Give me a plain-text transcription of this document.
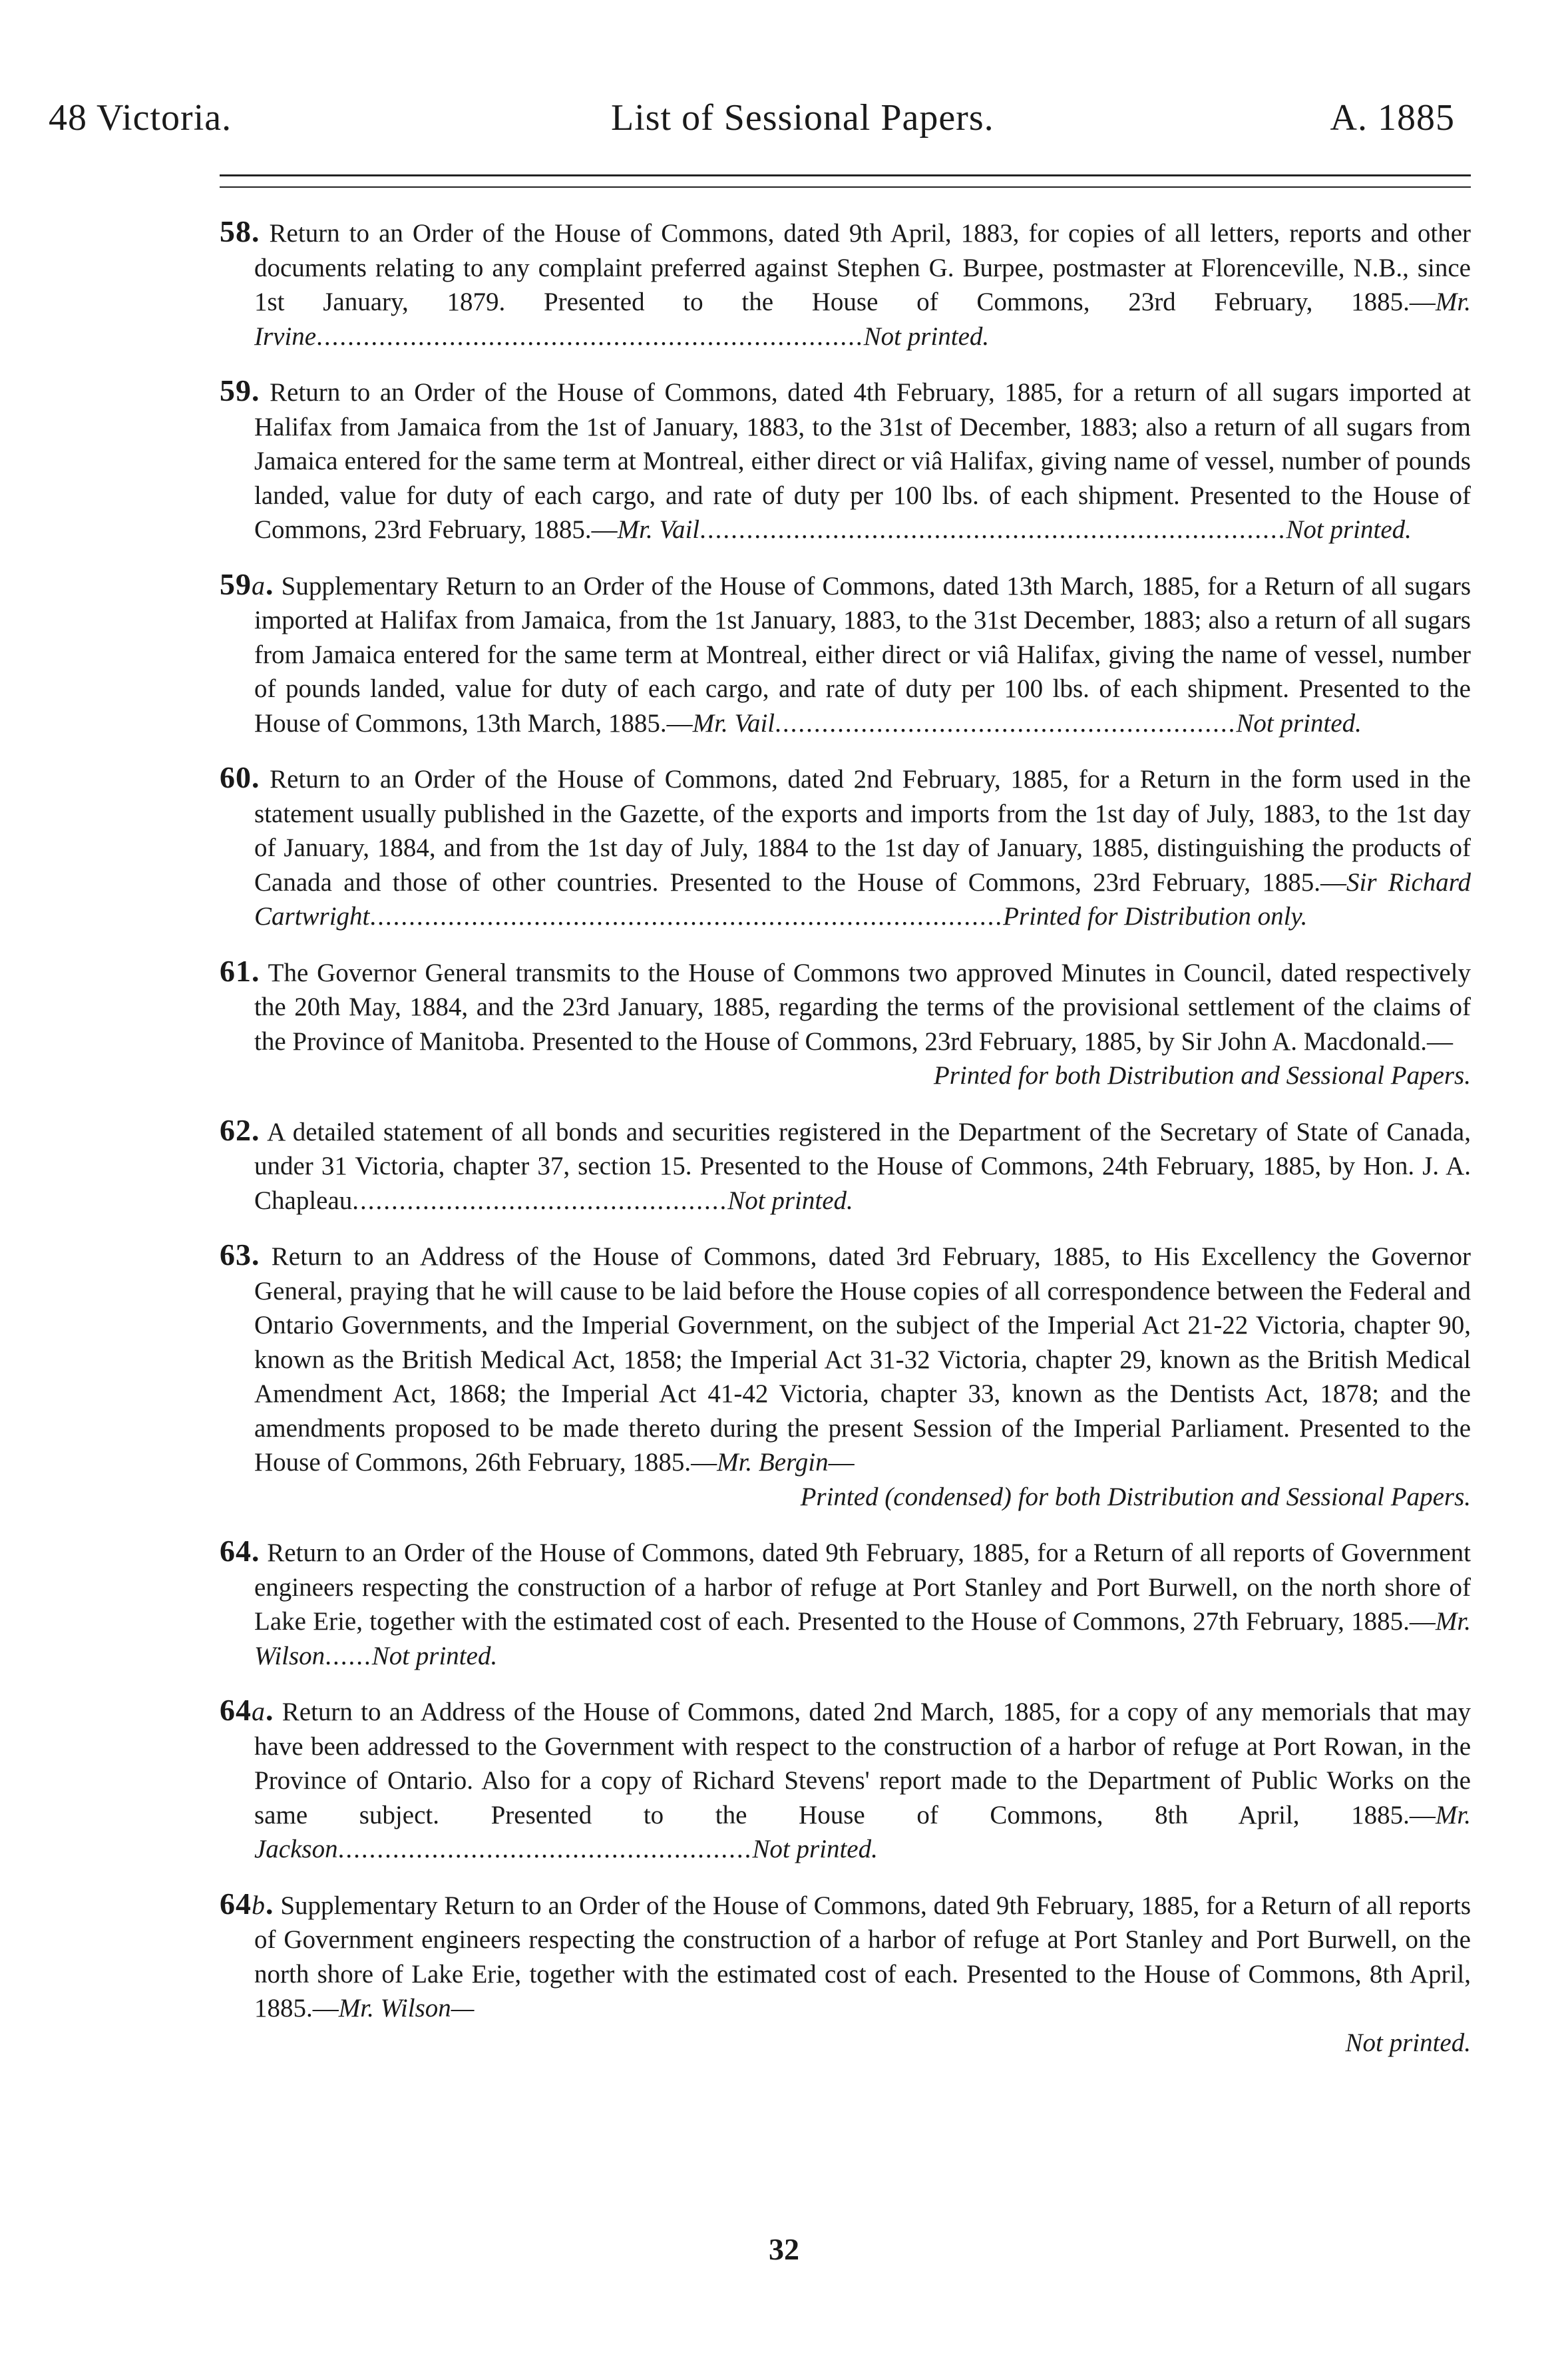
48 Victoria.	List of Sessional Papers.	A. 1885
58. Return to an Order of the House of Commons, dated 9th April, 1883, for copies of all letters, reports and other documents relating to any complaint preferred against Stephen G. Burpee, postmaster at Florenceville, N.B., since 1st January, 1879. Presented to the House of Commons, 23rd February, 1885.—Mr. Irvine......................................................................Not printed.
59. Return to an Order of the House of Commons, dated 4th February, 1885, for a return of all sugars imported at Halifax from Jamaica from the 1st of January, 1883, to the 31st of December, 1883; also a return of all sugars from Jamaica entered for the same term at Montreal, either direct or viâ Halifax, giving name of vessel, number of pounds landed, value for duty of each cargo, and rate of duty per 100 lbs. of each shipment. Presented to the House of Commons, 23rd February, 1885.—Mr. Vail...........................................................................Not printed.
59a. Supplementary Return to an Order of the House of Commons, dated 13th March, 1885, for a Return of all sugars imported at Halifax from Jamaica, from the 1st January, 1883, to the 31st December, 1883; also a return of all sugars from Jamaica entered for the same term at Montreal, either direct or viâ Halifax, giving the name of vessel, number of pounds landed, value for duty of each cargo, and rate of duty per 100 lbs. of each shipment. Presented to the House of Commons, 13th March, 1885.—Mr. Vail...........................................................Not printed.
60. Return to an Order of the House of Commons, dated 2nd February, 1885, for a Return in the form used in the statement usually published in the Gazette, of the exports and imports from the 1st day of July, 1883, to the 1st day of January, 1884, and from the 1st day of July, 1884 to the 1st day of January, 1885, distinguishing the products of Canada and those of other countries. Presented to the House of Commons, 23rd February, 1885.—Sir Richard Cartwright.................................................................................Printed for Distribution only.
61. The Governor General transmits to the House of Commons two approved Minutes in Council, dated respectively the 20th May, 1884, and the 23rd January, 1885, regarding the terms of the provisional settlement of the claims of the Province of Manitoba. Presented to the House of Commons, 23rd February, 1885, by Sir John A. Macdonald.—
Printed for both Distribution and Sessional Papers.
62. A detailed statement of all bonds and securities registered in the Department of the Secretary of State of Canada, under 31 Victoria, chapter 37, section 15. Presented to the House of Commons, 24th February, 1885, by Hon. J. A. Chapleau................................................Not printed.
63. Return to an Address of the House of Commons, dated 3rd February, 1885, to His Excellency the Governor General, praying that he will cause to be laid before the House copies of all correspondence between the Federal and Ontario Governments, and the Imperial Government, on the subject of the Imperial Act 21-22 Victoria, chapter 90, known as the British Medical Act, 1858; the Imperial Act 31-32 Victoria, chapter 29, known as the British Medical Amendment Act, 1868; the Imperial Act 41-42 Victoria, chapter 33, known as the Dentists Act, 1878; and the amendments proposed to be made thereto during the present Session of the Imperial Parliament. Presented to the House of Commons, 26th February, 1885.—Mr. Bergin—
Printed (condensed) for both Distribution and Sessional Papers.
64. Return to an Order of the House of Commons, dated 9th February, 1885, for a Return of all reports of Government engineers respecting the construction of a harbor of refuge at Port Stanley and Port Burwell, on the north shore of Lake Erie, together with the estimated cost of each. Presented to the House of Commons, 27th February, 1885.—Mr. Wilson......Not printed.
64a. Return to an Address of the House of Commons, dated 2nd March, 1885, for a copy of any memorials that may have been addressed to the Government with respect to the construction of a harbor of refuge at Port Rowan, in the Province of Ontario. Also for a copy of Richard Stevens' report made to the Department of Public Works on the same subject. Presented to the House of Commons, 8th April, 1885.—Mr. Jackson.....................................................Not printed.
64b. Supplementary Return to an Order of the House of Commons, dated 9th February, 1885, for a Return of all reports of Government engineers respecting the construction of a harbor of refuge at Port Stanley and Port Burwell, on the north shore of Lake Erie, together with the estimated cost of each. Presented to the House of Commons, 8th April, 1885.—Mr. Wilson—
Not printed.
32
